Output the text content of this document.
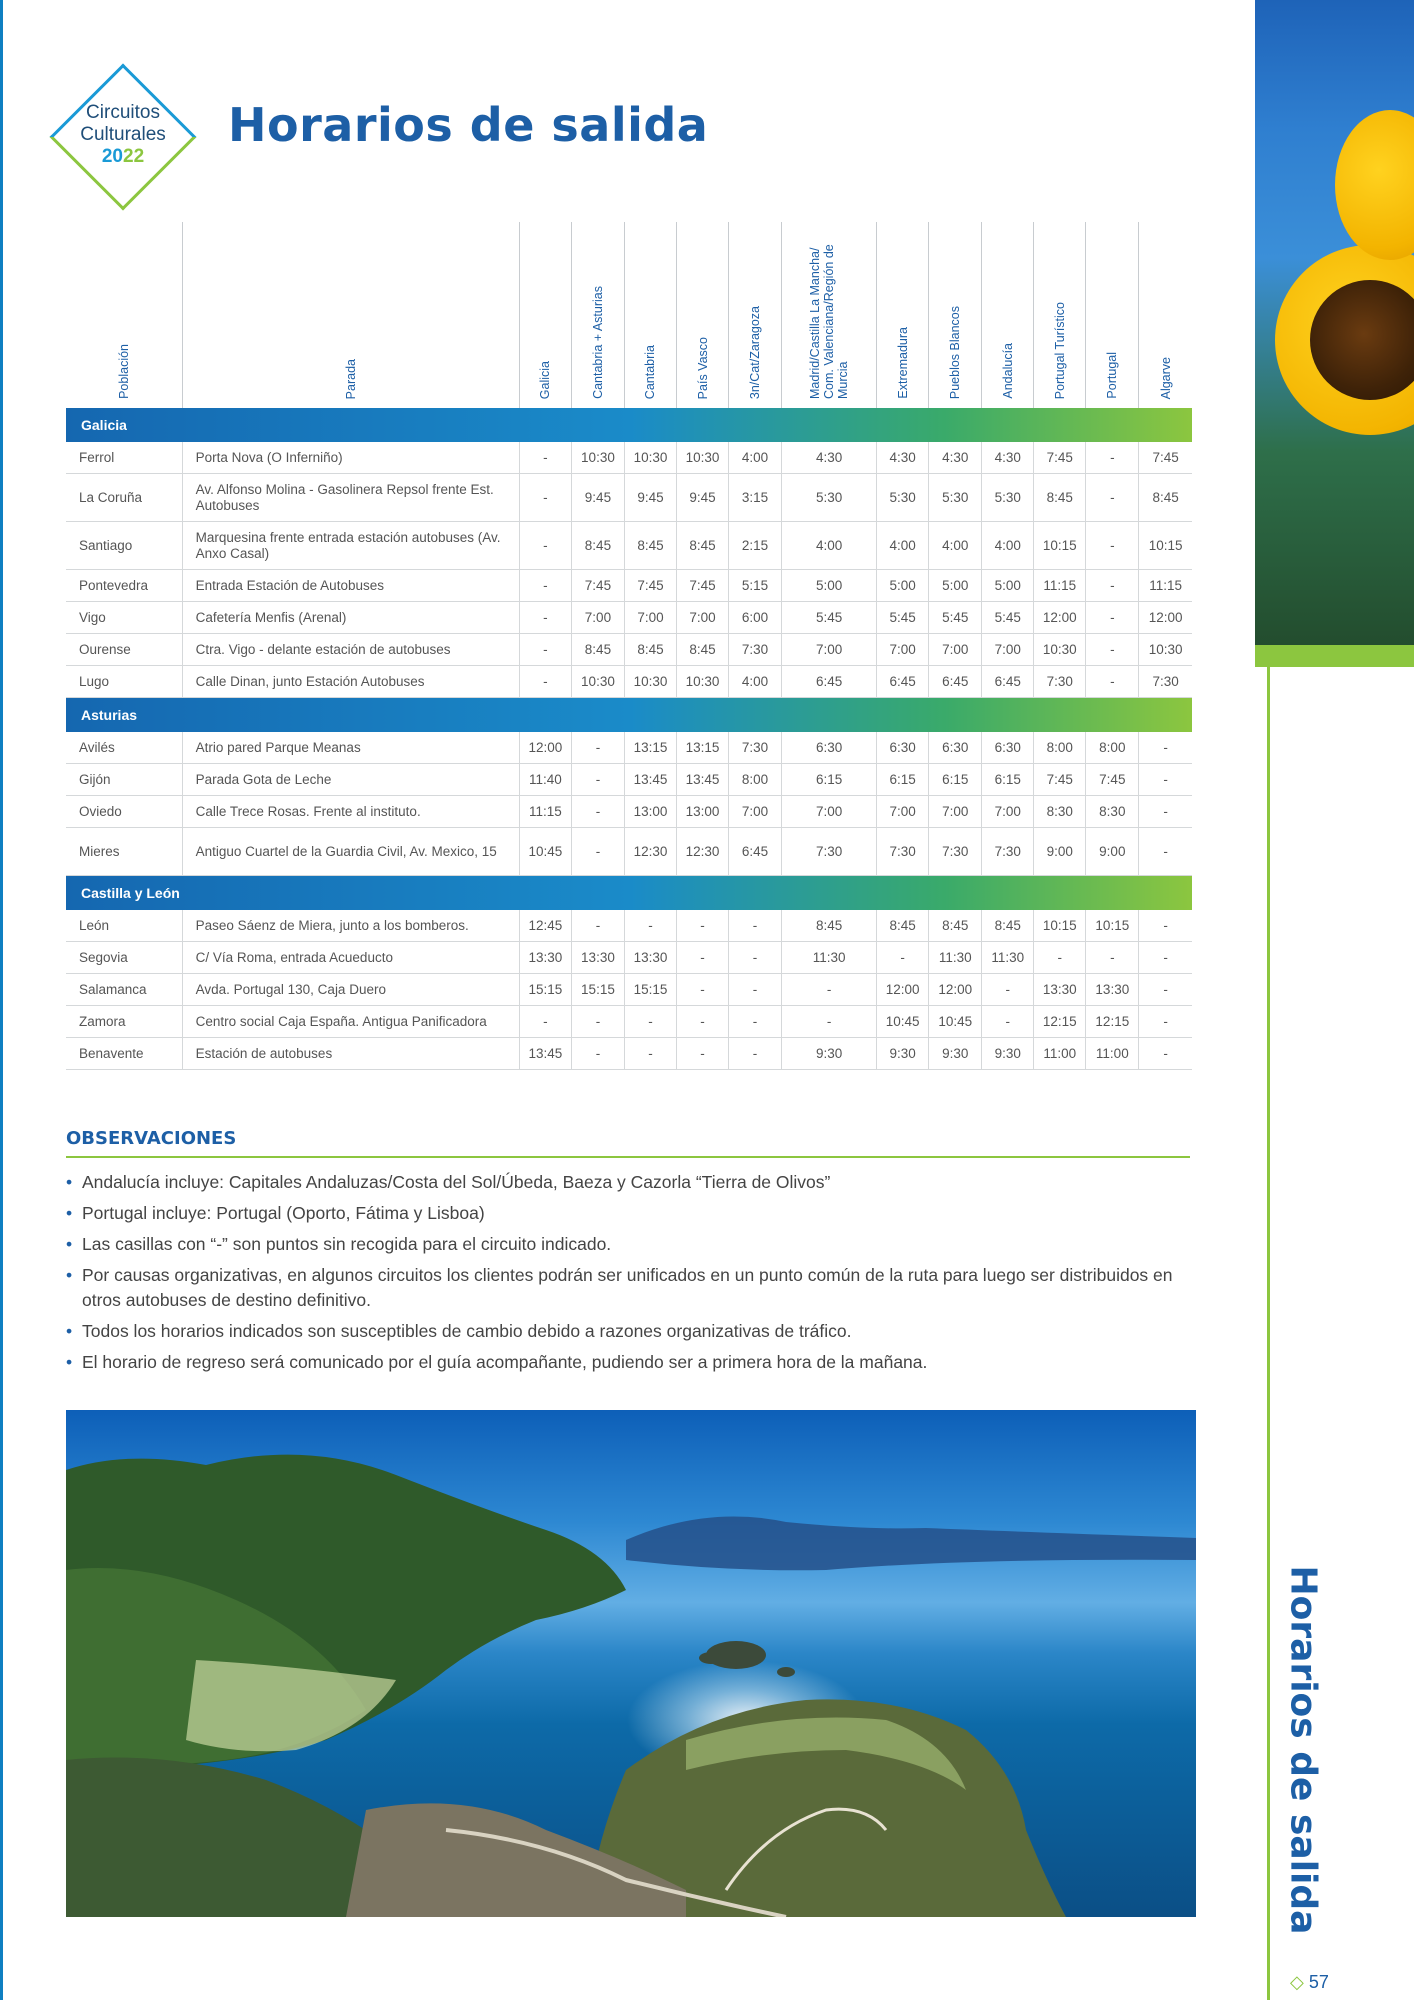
Circuitos
Culturales
2022
Horarios de salida
Horarios de salida
◇ 57
Población	Parada	Galicia	Cantabria + Asturias	Cantabria	País Vasco	3n/Cat/Zaragoza	Madrid/Castilla La Mancha/ Com. Valenciana/Región de Murcia	Extremadura	Pueblos Blancos	Andalucía	Portugal Turístico	Portugal	Algarve
Galicia													
Ferrol	Porta Nova (O Inferniño)	-	10:30	10:30	10:30	4:00	4:30	4:30	4:30	4:30	7:45	-	7:45
La Coruña	Av. Alfonso Molina - Gasolinera Repsol frente Est. Autobuses	-	9:45	9:45	9:45	3:15	5:30	5:30	5:30	5:30	8:45	-	8:45
Santiago	Marquesina frente entrada estación autobuses (Av. Anxo Casal)	-	8:45	8:45	8:45	2:15	4:00	4:00	4:00	4:00	10:15	-	10:15
Pontevedra	Entrada Estación de Autobuses	-	7:45	7:45	7:45	5:15	5:00	5:00	5:00	5:00	11:15	-	11:15
Vigo	Cafetería Menfis (Arenal)	-	7:00	7:00	7:00	6:00	5:45	5:45	5:45	5:45	12:00	-	12:00
Ourense	Ctra. Vigo - delante estación de autobuses	-	8:45	8:45	8:45	7:30	7:00	7:00	7:00	7:00	10:30	-	10:30
Lugo	Calle Dinan, junto Estación Autobuses	-	10:30	10:30	10:30	4:00	6:45	6:45	6:45	6:45	7:30	-	7:30
Asturias													
Avilés	Atrio pared Parque Meanas	12:00	-	13:15	13:15	7:30	6:30	6:30	6:30	6:30	8:00	8:00	-
Gijón	Parada Gota de Leche	11:40	-	13:45	13:45	8:00	6:15	6:15	6:15	6:15	7:45	7:45	-
Oviedo	Calle Trece Rosas. Frente al instituto.	11:15	-	13:00	13:00	7:00	7:00	7:00	7:00	7:00	8:30	8:30	-
Mieres	Antiguo Cuartel de la Guardia Civil, Av. Mexico, 15	10:45	-	12:30	12:30	6:45	7:30	7:30	7:30	7:30	9:00	9:00	-
Castilla y León													
León	Paseo Sáenz de Miera, junto a los bomberos.	12:45	-	-	-	-	8:45	8:45	8:45	8:45	10:15	10:15	-
Segovia	C/ Vía Roma, entrada Acueducto	13:30	13:30	13:30	-	-	11:30	-	11:30	11:30	-	-	-
Salamanca	Avda. Portugal 130, Caja Duero	15:15	15:15	15:15	-	-	-	12:00	12:00	-	13:30	13:30	-
Zamora	Centro social Caja España. Antigua Panificadora	-	-	-	-	-	-	10:45	10:45	-	12:15	12:15	-
Benavente	Estación de autobuses	13:45	-	-	-	-	9:30	9:30	9:30	9:30	11:00	11:00	-
OBSERVACIONES
• Andalucía incluye: Capitales Andaluzas/Costa del Sol/Úbeda, Baeza y Cazorla “Tierra de Olivos”
• Portugal incluye: Portugal (Oporto, Fátima y Lisboa)
• Las casillas con “-” son puntos sin recogida para el circuito indicado.
• Por causas organizativas, en algunos circuitos los clientes podrán ser unificados en un punto común de la ruta para luego ser distribuidos en otros autobuses de destino definitivo.
• Todos los horarios indicados son susceptibles de cambio debido a razones organizativas de tráfico.
• El horario de regreso será comunicado por el guía acompañante, pudiendo ser a primera hora de la mañana.
